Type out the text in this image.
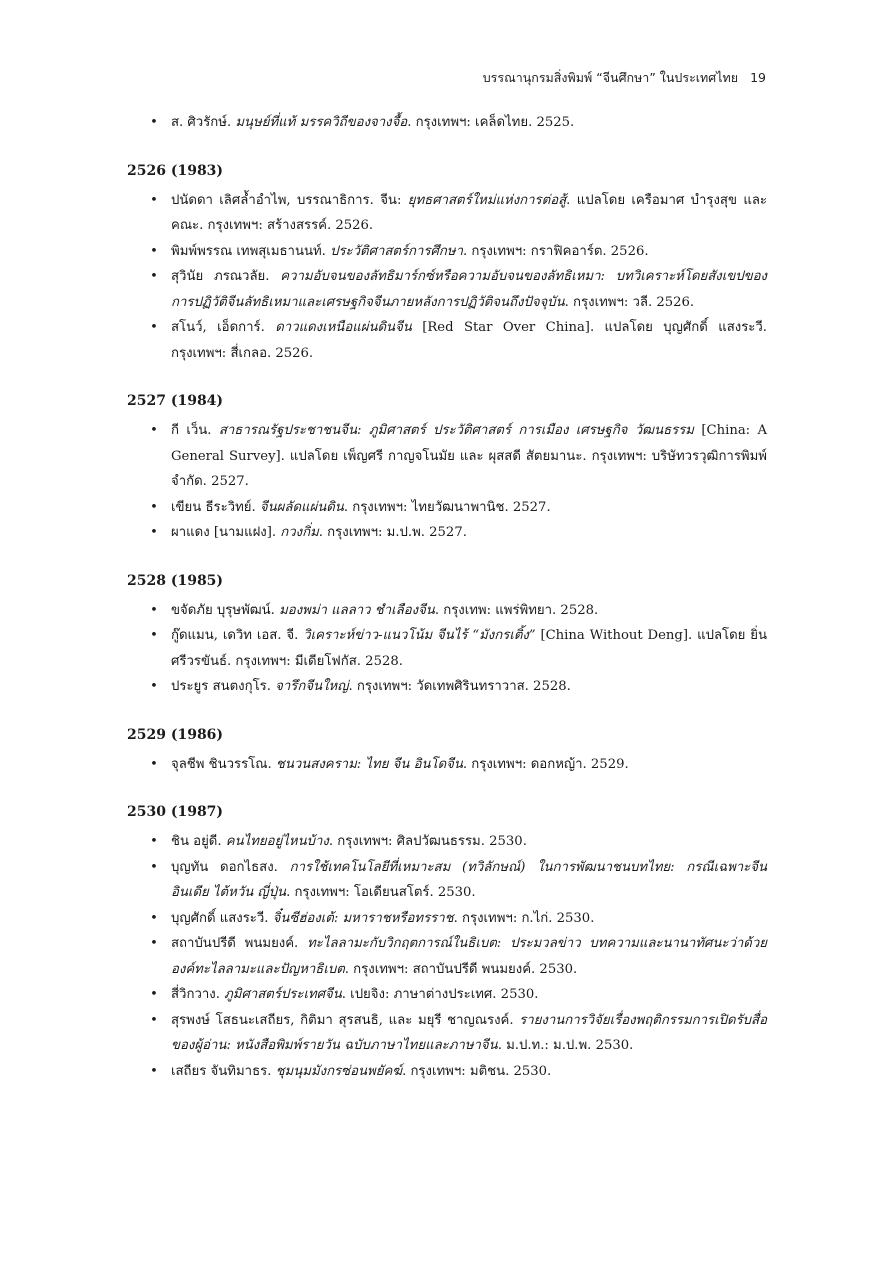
บรรณานุกรมสิ่งพิมพ์ “จีนศึกษา” ในประเทศไทย 19
• ส. ศิวรักษ์. มนุษย์ที่แท้ มรรควิถีของจางจื้อ. กรุงเทพฯ: เคล็ดไทย. 2525.
2526 (1983)
• ปนัดดา เลิศล้ำอำไพ, บรรณาธิการ. จีน: ยุทธศาสตร์ใหม่แห่งการต่อสู้. แปลโดย เครือมาศ บำรุงสุข และคณะ. กรุงเทพฯ: สร้างสรรค์. 2526.
• พิมพ์พรรณ เทพสุเมธานนท์. ประวัติศาสตร์การศึกษา. กรุงเทพฯ: กราฟิคอาร์ต. 2526.
• สุวินัย ภรณวลัย. ความอับจนของลัทธิมาร์กซ์หรือความอับจนของลัทธิเหมา: บทวิเคราะห์โดยสังเขปของการปฏิวัติจีนลัทธิเหมาและเศรษฐกิจจีนภายหลังการปฏิวัติจนถึงปัจจุบัน. กรุงเทพฯ: วลี. 2526.
• สโนว์, เอ็ดการ์. ดาวแดงเหนือแผ่นดินจีน [Red Star Over China]. แปลโดย บุญศักดิ์ แสงระวี. กรุงเทพฯ: สี่เกลอ. 2526.
2527 (1984)
• กี เว็น. สาธารณรัฐประชาชนจีน: ภูมิศาสตร์ ประวัติศาสตร์ การเมือง เศรษฐกิจ วัฒนธรรม [China: A General Survey]. แปลโดย เพ็ญศรี กาญจโนมัย และ ผุสสดี สัตยมานะ. กรุงเทพฯ: บริษัทวรวุฒิการพิมพ์ จำกัด. 2527.
• เขียน ธีระวิทย์. จีนผลัดแผ่นดิน. กรุงเทพฯ: ไทยวัฒนาพานิช. 2527.
• ผาแดง [นามแฝง]. กวงกิ่ม. กรุงเทพฯ: ม.ป.พ. 2527.
2528 (1985)
• ขจัดภัย บุรุษพัฒน์. มองพม่า แลลาว ชำเลืองจีน. กรุงเทพ: แพร่พิทยา. 2528.
• กู๊ดแมน, เดวิท เอส. จี. วิเคราะห์ข่าว-แนวโน้ม จีนไร้ “มังกรเติ้ง” [China Without Deng]. แปลโดย ยิ่น ศรีวรขันธ์. กรุงเทพฯ: มีเดียโฟกัส. 2528.
• ประยูร สนตงกุโร. จารึกจีนใหญ่. กรุงเทพฯ: วัดเทพศิรินทราวาส. 2528.
2529 (1986)
• จุลชีพ ชินวรรโณ. ชนวนสงคราม: ไทย จีน อินโดจีน. กรุงเทพฯ: ดอกหญ้า. 2529.
2530 (1987)
• ชิน อยู่ดี. คนไทยอยู่ไหนบ้าง. กรุงเทพฯ: ศิลปวัฒนธรรม. 2530.
• บุญทัน ดอกไธสง. การใช้เทคโนโลยีที่เหมาะสม (ทวิลักษณ์) ในการพัฒนาชนบทไทย: กรณีเฉพาะจีน อินเดีย ไต้หวัน ญี่ปุ่น. กรุงเทพฯ: โอเดียนสโตร์. 2530.
• บุญศักดิ์ แสงระวี. จิ๋นซีฮ่องเต้: มหาราชหรือทรราช. กรุงเทพฯ: ก.ไก่. 2530.
• สถาบันปรีดี พนมยงค์. ทะไลลามะกับวิกฤตการณ์ในธิเบต: ประมวลข่าว บทความและนานาทัศนะว่าด้วยองค์ทะไลลามะและปัญหาธิเบต. กรุงเทพฯ: สถาบันปรีดี พนมยงค์. 2530.
• สี่วิกวาง. ภูมิศาสตร์ประเทศจีน. เปยจิง: ภาษาต่างประเทศ. 2530.
• สุรพงษ์ โสธนะเสถียร, กิติมา สุรสนธิ, และ มยุรี ชาญณรงค์. รายงานการวิจัยเรื่องพฤติกรรมการเปิดรับสื่อของผู้อ่าน: หนังสือพิมพ์รายวัน ฉบับภาษาไทยและภาษาจีน. ม.ป.ท.: ม.ป.พ. 2530.
• เสถียร จันทิมาธร. ชุมนุมมังกรซ่อนพยัคฆ์. กรุงเทพฯ: มติชน. 2530.
